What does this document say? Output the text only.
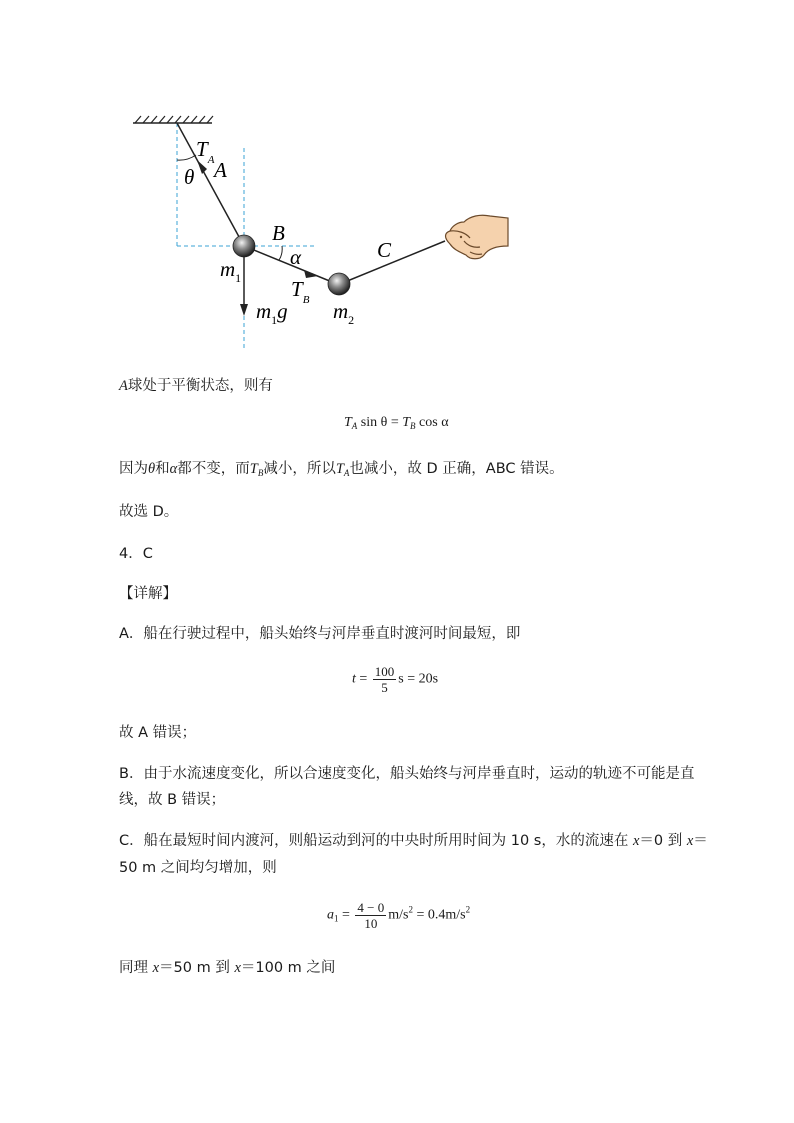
$T_A$
θ A
B
α	C
$m_1$ $T_B$
$m_1g$ $m_2$
A球处于平衡状态，则有
$T_A$ $\sin \theta = T_B$ cos α
因为θ和α都不变，而$T_B$减小，所以$T_A$也减小，故 D 正确，ABC 错误。
故选 D。
4．C
【详解】
A．船在行驶过程中，船头始终与河岸垂直时渡河时间最短，即
$t = \frac{100}{5}$ s = 20s
故 A 错误；
B．由于水流速度变化，所以合速度变化，船头始终与河岸垂直时，运动的轨迹不可能是直
线，故 B 错误；
C．船在最短时间内渡河，则船运动到河的中央时所用时间为 10 s，水的流速在 x＝0 到 x＝
50 m 之间均匀增加，则
$a_1 = \frac{4 - 0}{10} m/s^2 = 0.4m/s^2$
同理 x＝50 m 到 x＝100 m 之间
